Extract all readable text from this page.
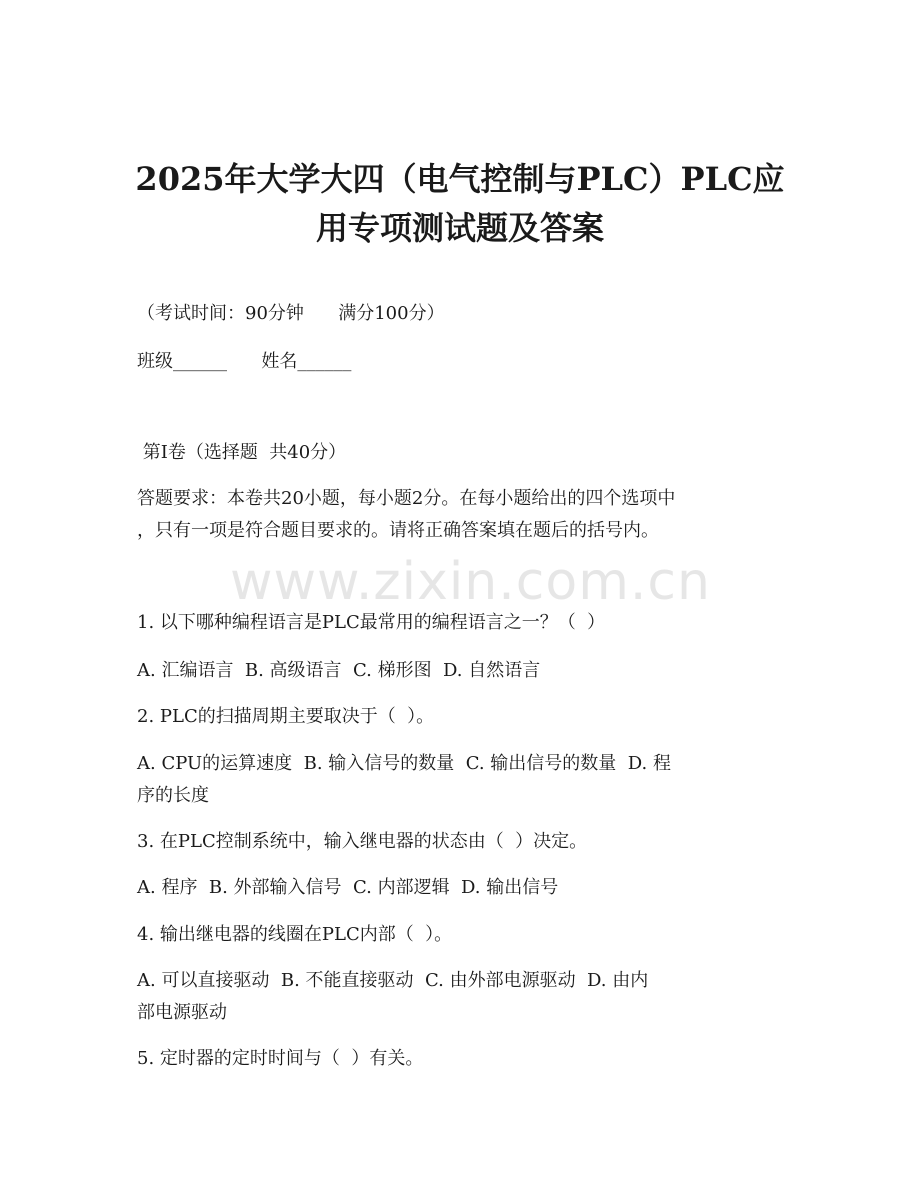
2025年大学大四（电气控制与PLC）PLC应
用专项测试题及答案
（考试时间：90分钟      满分100分）
班级______      姓名______
第I卷（选择题  共40分）
答题要求：本卷共20小题，每小题2分。在每小题给出的四个选项中
，只有一项是符合题目要求的。请将正确答案填在题后的括号内。
www.zixin.com.cn
1. 以下哪种编程语言是PLC最常用的编程语言之一？（  ）
A. 汇编语言  B. 高级语言  C. 梯形图  D. 自然语言
2. PLC的扫描周期主要取决于（  ）。
A. CPU的运算速度  B. 输入信号的数量  C. 输出信号的数量  D. 程
序的长度
3. 在PLC控制系统中，输入继电器的状态由（  ）决定。
A. 程序  B. 外部输入信号  C. 内部逻辑  D. 输出信号
4. 输出继电器的线圈在PLC内部（  ）。
A. 可以直接驱动  B. 不能直接驱动  C. 由外部电源驱动  D. 由内
部电源驱动
5. 定时器的定时时间与（  ）有关。
